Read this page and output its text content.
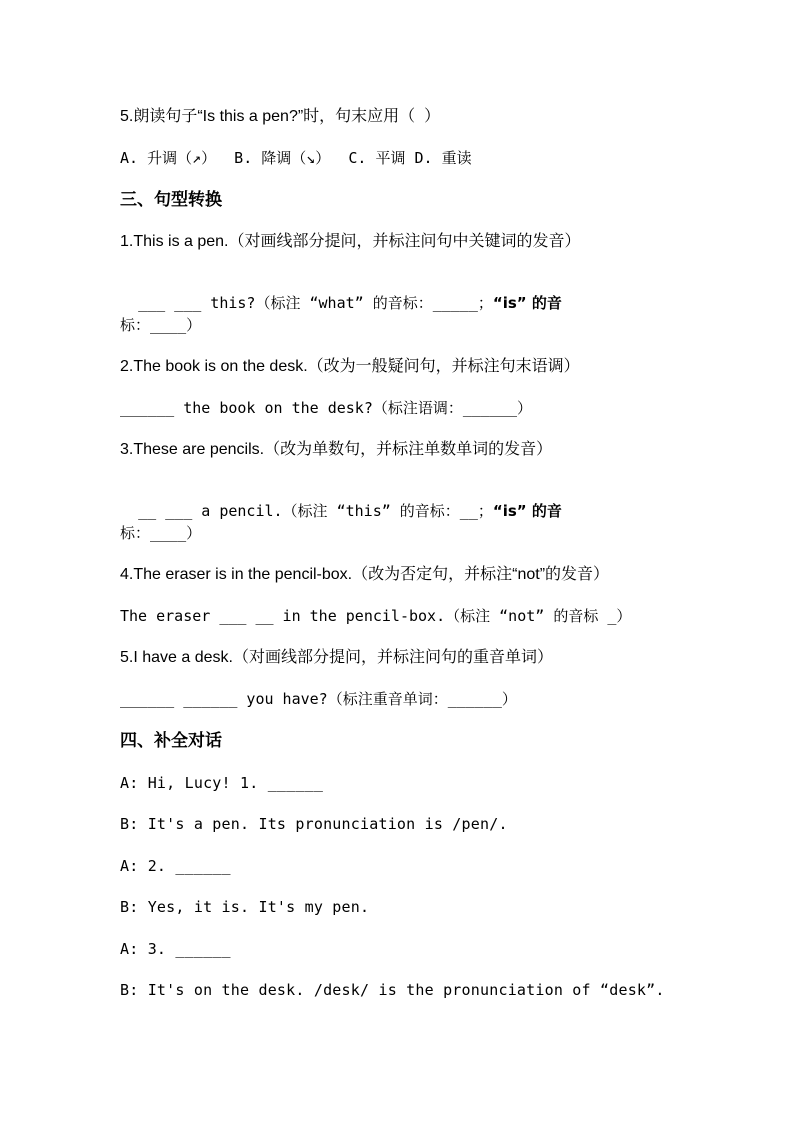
5.朗读句子“Is this a pen?”时，句末应用（  ）
A. 升调（↗）  B. 降调（↘）  C. 平调 D. 重读
三、句型转换
1.This is a pen.（对画线部分提问，并标注问句中关键词的发音）

___ ___ this?（标注 “what” 的音标：_____；“is” 的音

标：____）
2.The book is on the desk.（改为一般疑问句，并标注句末语调）
______ the book on the desk?（标注语调：______）
3.These are pencils.（改为单数句，并标注单数单词的发音）

__ ___ a pencil.（标注 “this” 的音标：__；“is” 的音

标：____）
4.The eraser is in the pencil-box.（改为否定句，并标注“not”的发音）
The eraser ___ __ in the pencil-box.（标注 “not” 的音标 _）
5.I have a desk.（对画线部分提问，并标注问句的重音单词）
______ ______ you have?（标注重音单词：______）
四、补全对话
A: Hi, Lucy! 1. ______
B: It's a pen. Its pronunciation is /pen/.
A: 2. ______
B: Yes, it is. It's my pen.
A: 3. ______
B: It's on the desk. /desk/ is the pronunciation of “desk”.
